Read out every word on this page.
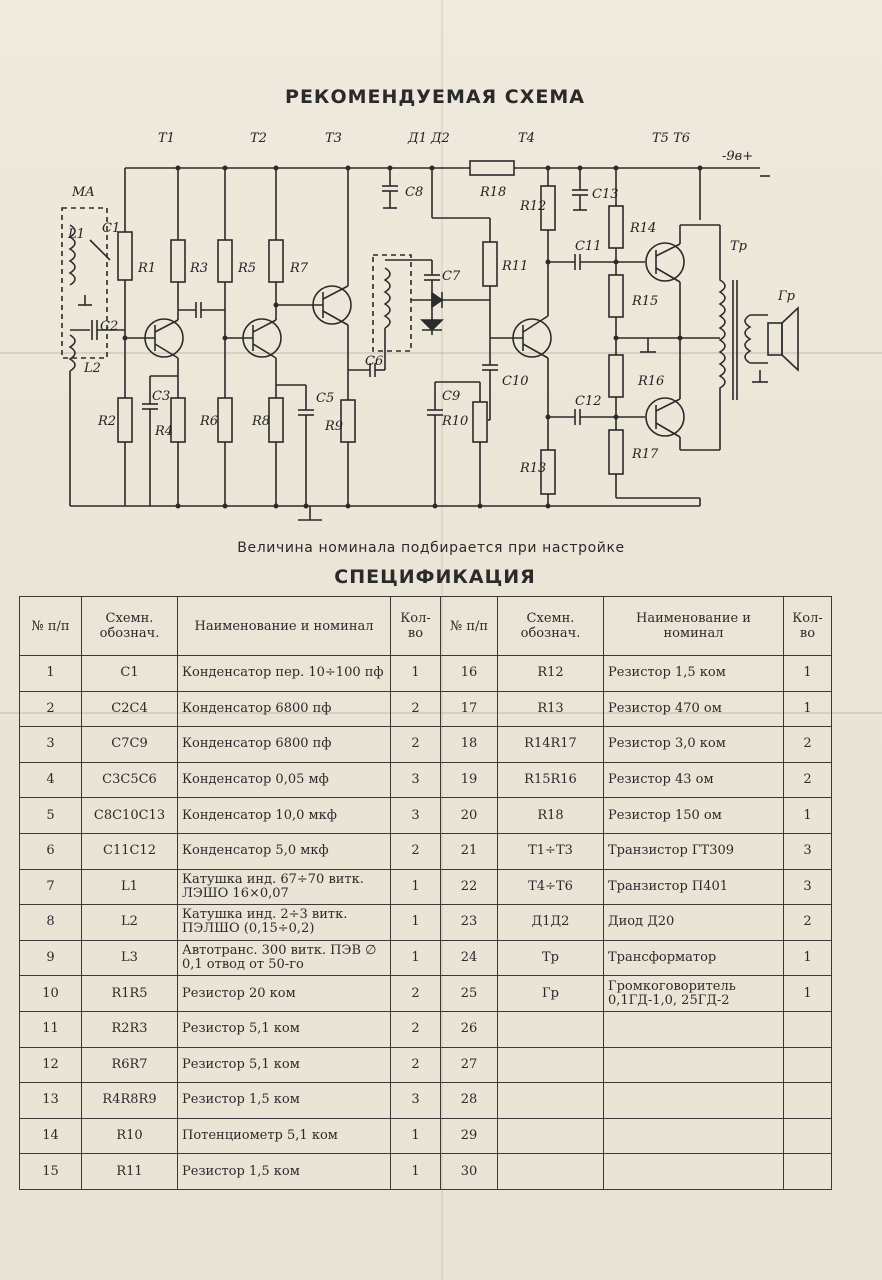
РЕКОМЕНДУЕМАЯ СХЕМА
T1	T2	T3	Д1 Д2	T4	T5 T6
-9в+
MA
L1 C1
C2
L2
R1
R2
R3
R4
C3
R5
R6
R7
R8
C5
R9
C6
C7
C8
C9
R10
R11
C10
R18
R12
C13
R13
C11
C12
R14
R15
R16
R17
Тр
Гр
Величина номинала подбирается при настройке
СПЕЦИФИКАЦИЯ
№ п/п	Схемн. обознач.	Наименование и номинал	Кол-во	№ п/п	Схемн. обознач.	Наименование и номинал	Кол-во
1	C1	Конденсатор пер. 10÷100 пф	1	16	R12	Резистор 1,5 ком	1
2	C2C4	Конденсатор 6800 пф	2	17	R13	Резистор 470 ом	1
3	C7C9	Конденсатор 6800 пф	2	18	R14R17	Резистор 3,0 ком	2
4	C3C5C6	Конденсатор 0,05 мф	3	19	R15R16	Резистор 43 ом	2
5	C8C10C13	Конденсатор 10,0 мкф	3	20	R18	Резистор 150 ом	1
6	C11C12	Конденсатор 5,0 мкф	2	21	T1÷T3	Транзистор ГТ309	3
7	L1	Катушка инд. 67÷70 витк. ЛЭШО 16×0,07	1	22	T4÷T6	Транзистор П401	3
8	L2	Катушка инд. 2÷3 витк. ПЭЛШО (0,15÷0,2)	1	23	Д1Д2	Диод Д20	2
9	L3	Автотранс. 300 витк. ПЭВ ∅ 0,1 отвод от 50-го	1	24	Тр	Трансформатор	1
10	R1R5	Резистор 20 ком	2	25	Гр	Громкоговоритель 0,1ГД-1,0, 25ГД-2	1
11	R2R3	Резистор 5,1 ком	2	26			
12	R6R7	Резистор 5,1 ком	2	27			
13	R4R8R9	Резистор 1,5 ком	3	28			
14	R10	Потенциометр 5,1 ком	1	29			
15	R11	Резистор 1,5 ком	1	30			
